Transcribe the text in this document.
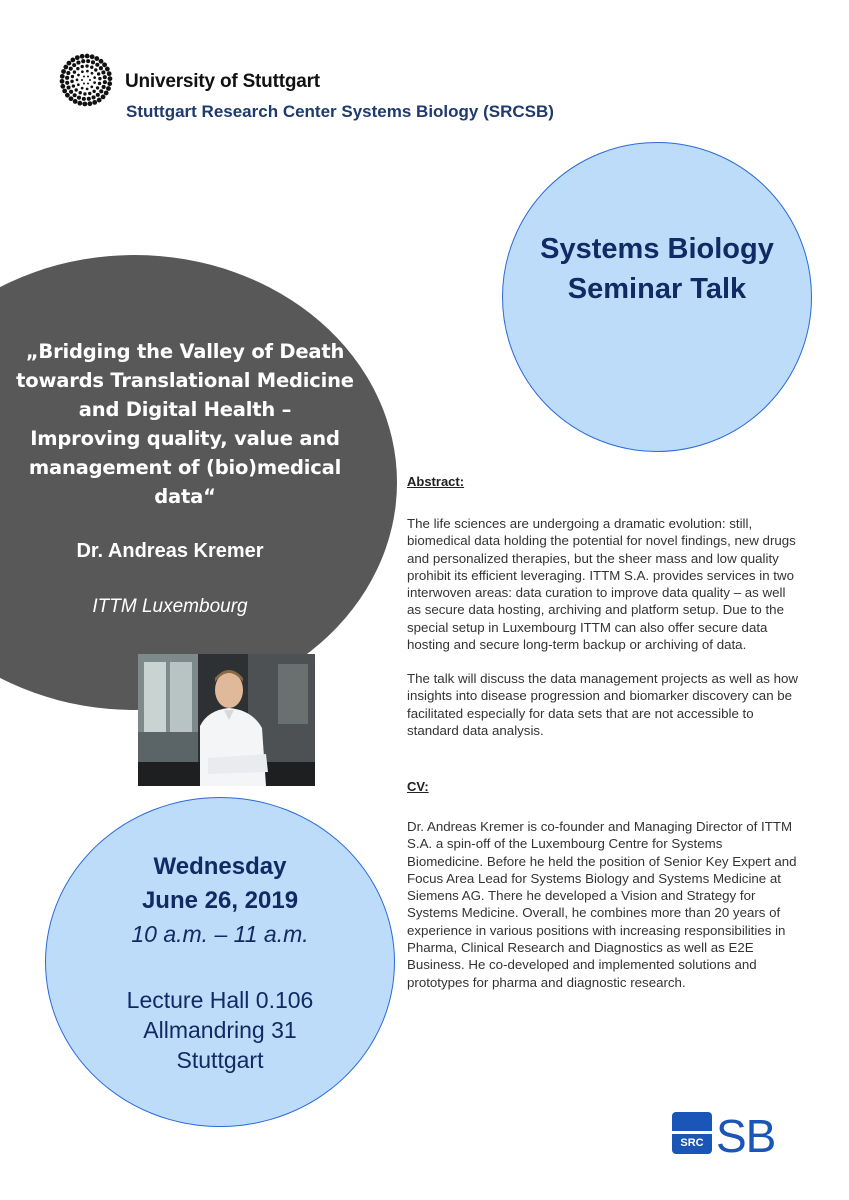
University of Stuttgart
Stuttgart Research Center Systems Biology (SRCSB)
Systems Biology
Seminar Talk
„Bridging the Valley of Death
towards Translational Medicine
and Digital Health –
Improving quality, value and
management of (bio)medical
data“
Dr. Andreas Kremer
ITTM Luxembourg
Wednesday
June 26, 2019
10 a.m. – 11 a.m.
Lecture Hall 0.106
Allmandring 31
Stuttgart
Abstract:
The life sciences are undergoing a dramatic evolution: still, biomedical data holding the potential for novel findings, new drugs and personalized therapies, but the sheer mass and low quality prohibit its efficient leveraging. ITTM S.A. provides services in two interwoven areas: data curation to improve data quality – as well as secure data hosting, archiving and platform setup. Due to the special setup in Luxembourg ITTM can also offer secure data hosting and secure long-term backup or archiving of data.
The talk will discuss the data management projects as well as how insights into disease progression and biomarker discovery can be facilitated especially for data sets that are not accessible to standard data analysis.
CV:
Dr. Andreas Kremer is co-founder and Managing Director of ITTM S.A. a spin-off of the Luxembourg Centre for Systems Biomedicine. Before he held the position of Senior Key Expert and Focus Area Lead for Systems Biology and Systems Medicine at Siemens AG. There he developed a Vision and Strategy for Systems Medicine. Overall, he combines more than 20 years of experience in various positions with increasing responsibilities in Pharma, Clinical Research and Diagnostics as well as E2E Business. He co-developed and implemented solutions and prototypes for pharma and diagnostic research.
SRC SB
